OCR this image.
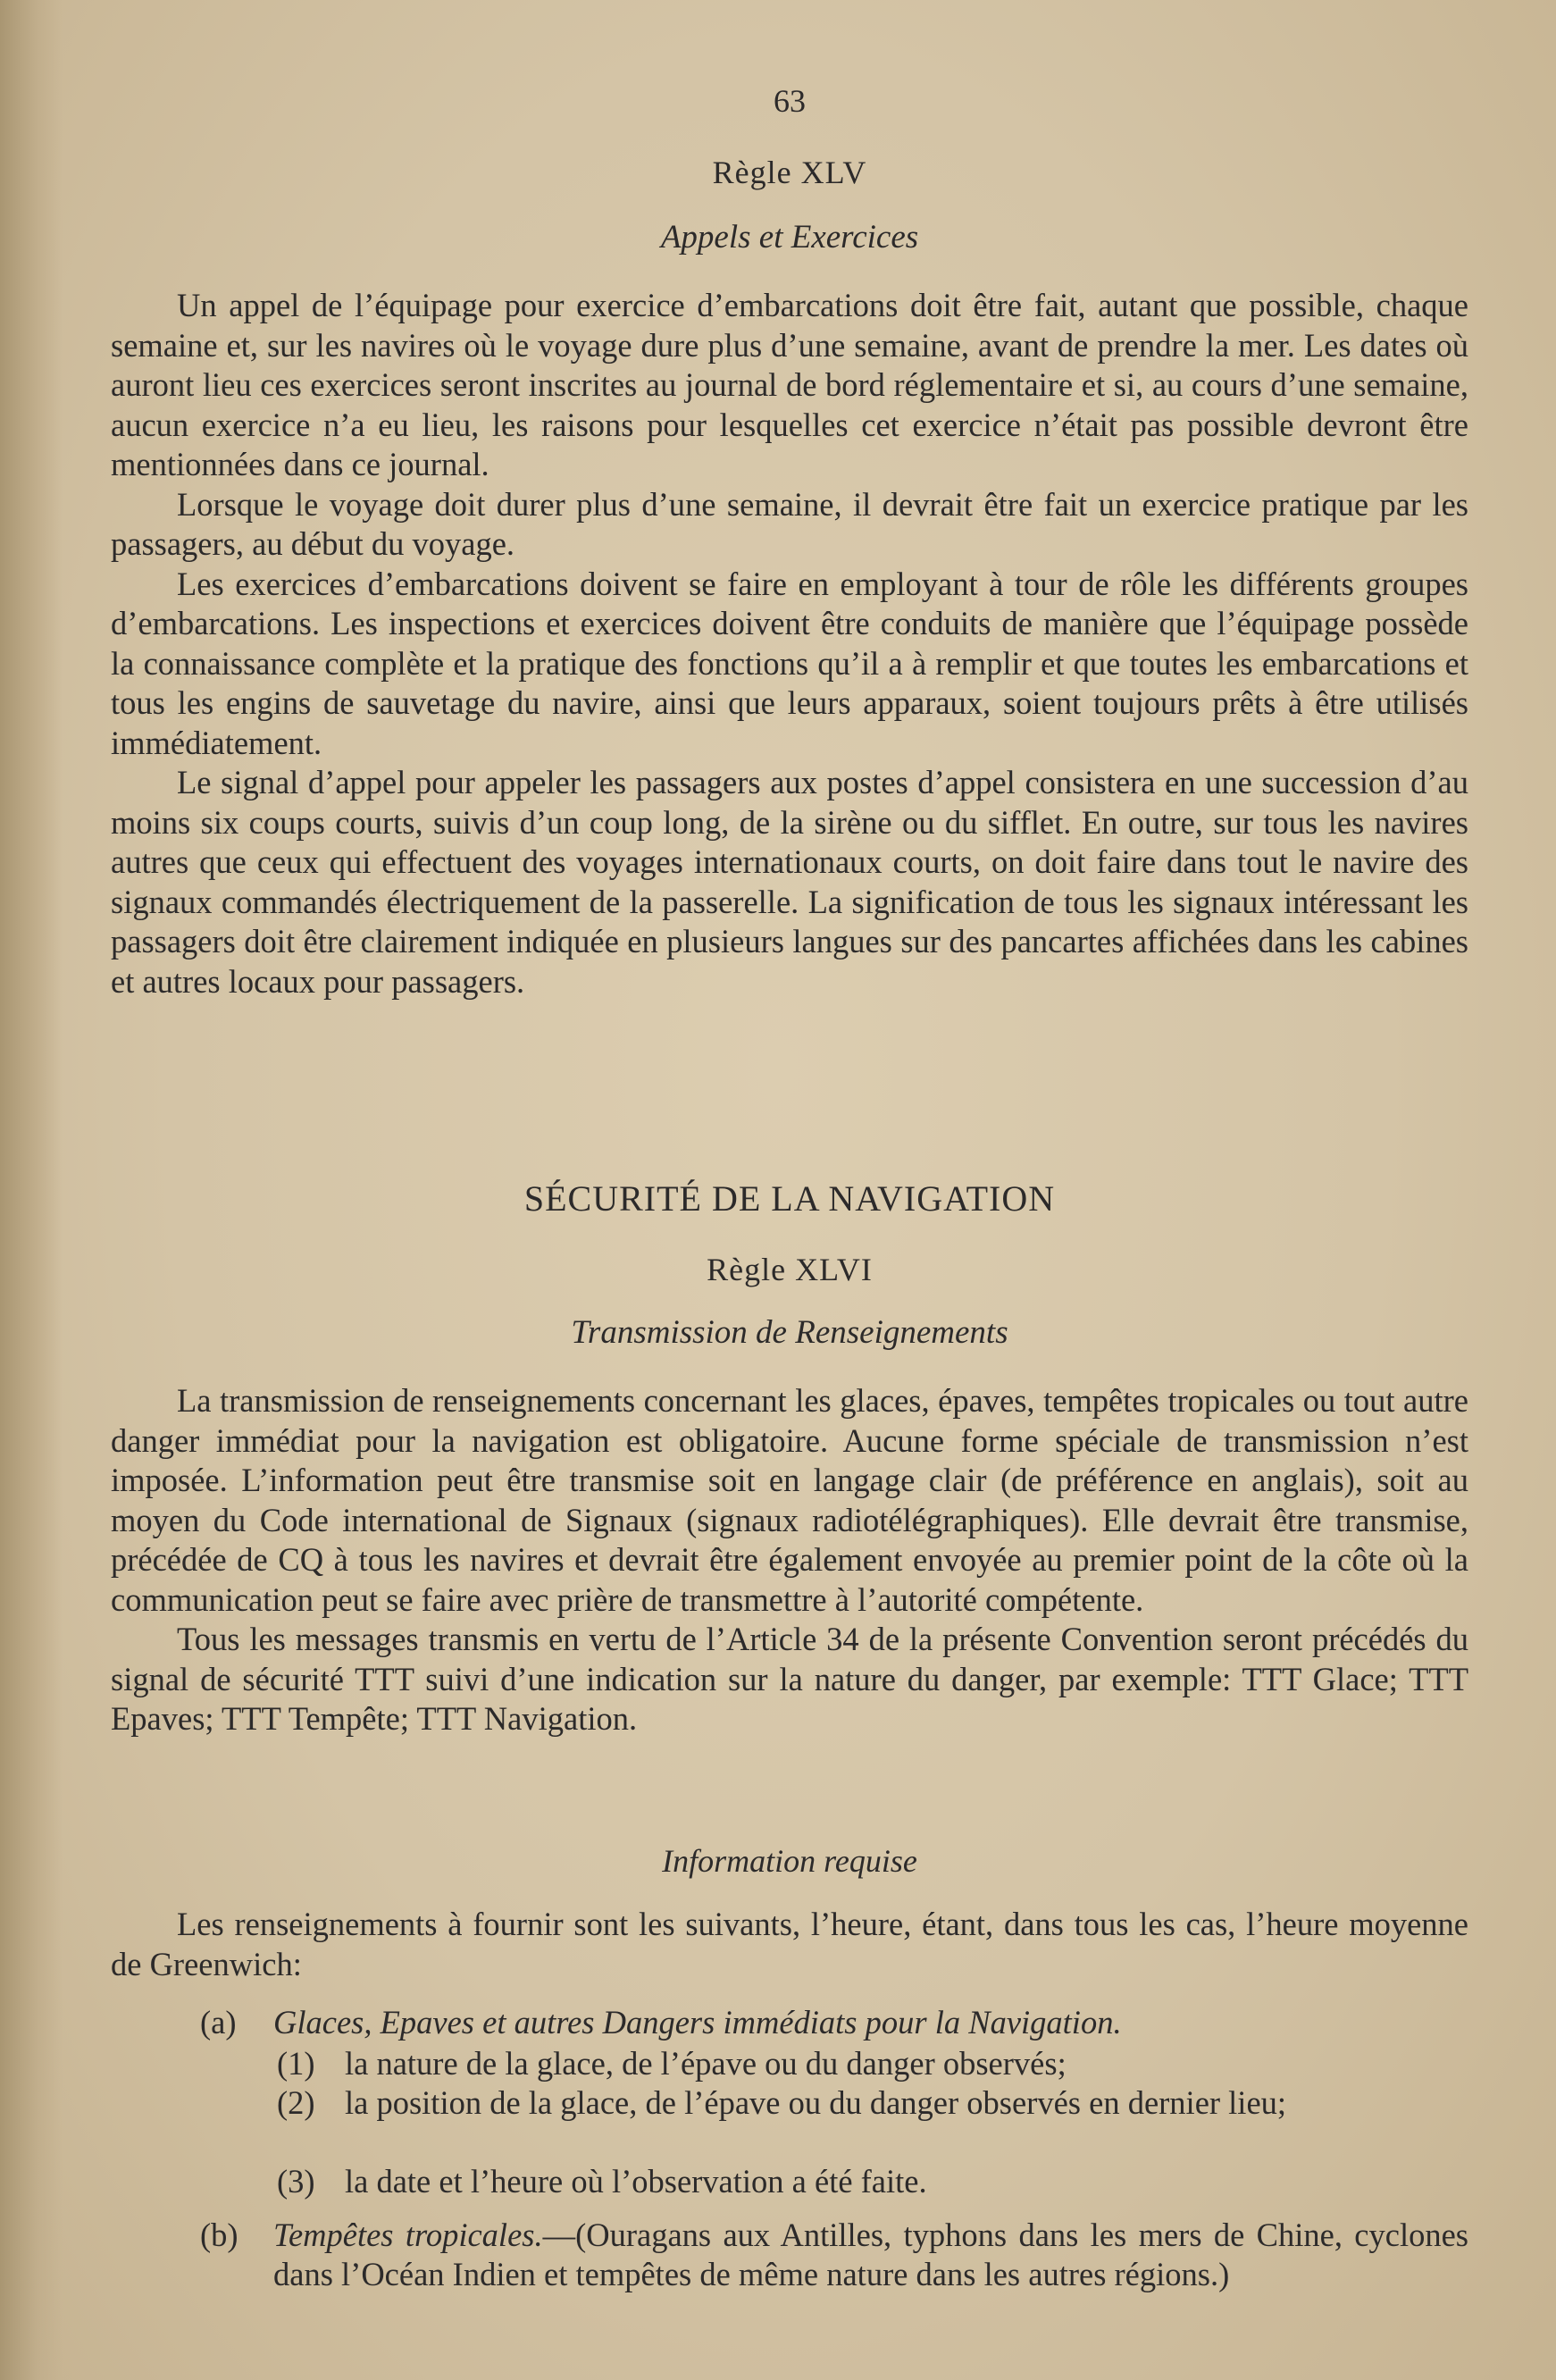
63
Règle XLV
Appels et Exercices

Un appel de l’équipage pour exercice d’embarcations doit être fait, autant que possible, chaque semaine et, sur les navires où le voyage dure plus d’une semaine, avant de prendre la mer. Les dates où auront lieu ces exercices seront inscrites au journal de bord réglementaire et si, au cours d’une semaine, aucun exercice n’a eu lieu, les raisons pour lesquelles cet exercice n’était pas possible devront être mentionnées dans ce journal.

Lorsque le voyage doit durer plus d’une semaine, il devrait être fait un exercice pratique par les passagers, au début du voyage.

Les exercices d’embarcations doivent se faire en employant à tour de rôle les différents groupes d’embarcations. Les inspections et exercices doivent être conduits de manière que l’équipage possède la connaissance complète et la pratique des fonctions qu’il a à remplir et que toutes les embarcations et tous les engins de sauvetage du navire, ainsi que leurs apparaux, soient toujours prêts à être utilisés immédiatement.

Le signal d’appel pour appeler les passagers aux postes d’appel consistera en une succession d’au moins six coups courts, suivis d’un coup long, de la sirène ou du sifflet. En outre, sur tous les navires autres que ceux qui effectuent des voyages internationaux courts, on doit faire dans tout le navire des signaux commandés électriquement de la passerelle. La signification de tous les signaux intéressant les passagers doit être clairement indiquée en plusieurs langues sur des pancartes affichées dans les cabines et autres locaux pour passagers.

SÉCURITÉ DE LA NAVIGATION
Règle XLVI
Transmission de Renseignements

La transmission de renseignements concernant les glaces, épaves, tempêtes tropicales ou tout autre danger immédiat pour la navigation est obligatoire. Aucune forme spéciale de transmission n’est imposée. L’information peut être transmise soit en langage clair (de préférence en anglais), soit au moyen du Code international de Signaux (signaux radiotélégraphiques). Elle devrait être transmise, précédée de CQ à tous les navires et devrait être également envoyée au premier point de la côte où la communication peut se faire avec prière de transmettre à l’autorité compétente.

Tous les messages transmis en vertu de l’Article 34 de la présente Convention seront précédés du signal de sécurité TTT suivi d’une indication sur la nature du danger, par exemple: TTT Glace; TTT Epaves; TTT Tempête; TTT Navigation.

Information requise

Les renseignements à fournir sont les suivants, l’heure, étant, dans tous les cas, l’heure moyenne de Greenwich:

(a) Glaces, Epaves et autres Dangers immédiats pour la Navigation.
(1) la nature de la glace, de l’épave ou du danger observés;
(2) la position de la glace, de l’épave ou du danger observés en dernier lieu;
(3) la date et l’heure où l’observation a été faite.
(b) Tempêtes tropicales.—(Ouragans aux Antilles, typhons dans les mers de Chine, cyclones dans l’Océan Indien et tempêtes de même nature dans les autres régions.)
